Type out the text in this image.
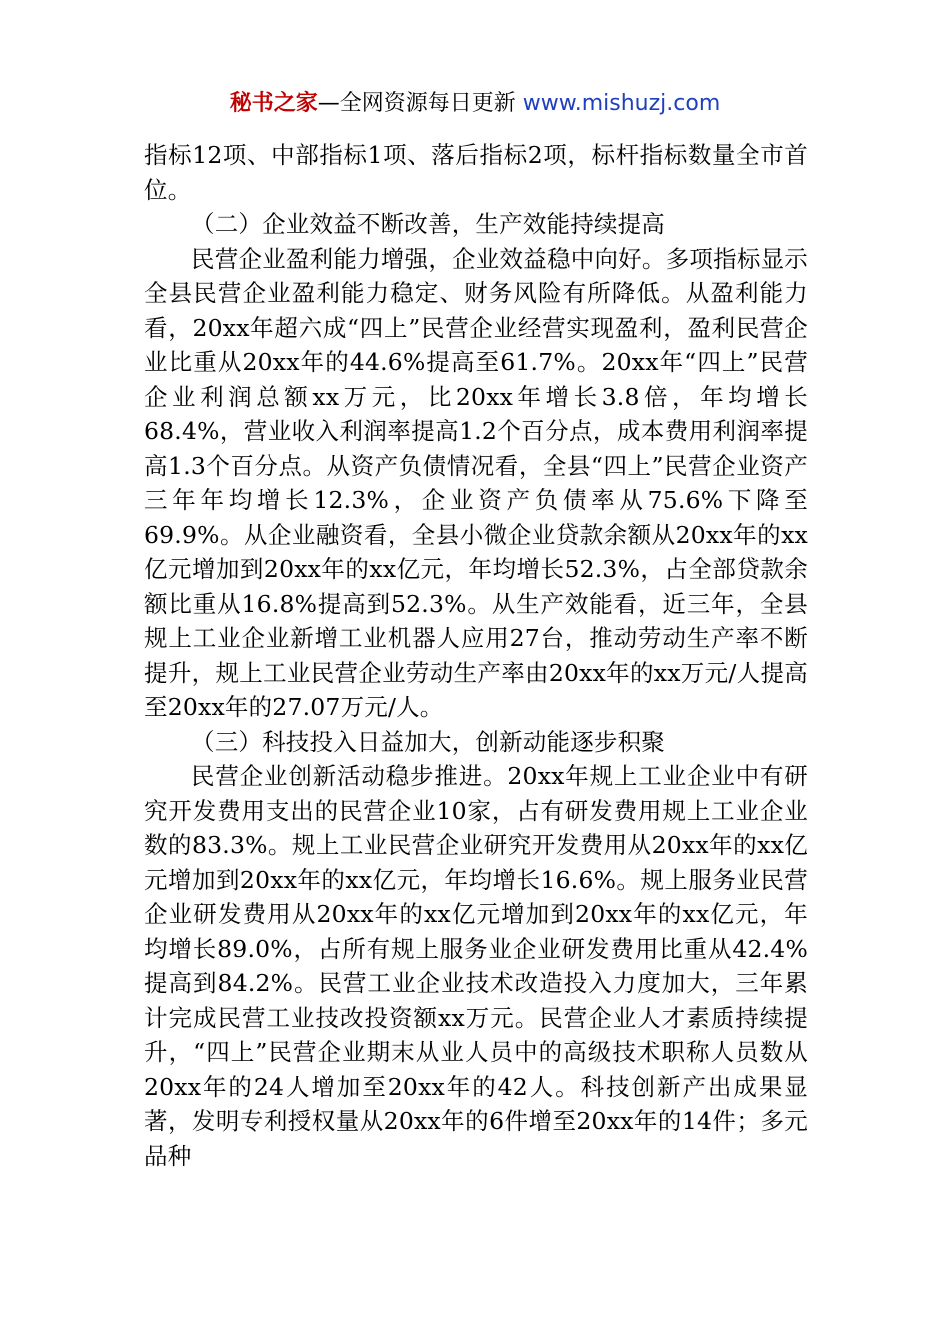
秘书之家—全网资源每日更新 www.mishuzj.com

指标12项、中部指标1项、落后指标2项，标杆指标数量全市首位。

（二）企业效益不断改善，生产效能持续提高

民营企业盈利能力增强，企业效益稳中向好。多项指标显示全县民营企业盈利能力稳定、财务风险有所降低。从盈利能力看，20xx年超六成“四上”民营企业经营实现盈利，盈利民营企业比重从20xx年的44.6%提高至61.7%。20xx年“四上”民营企业利润总额xx万元，比20xx年增长3.8倍，年均增长68.4%，营业收入利润率提高1.2个百分点，成本费用利润率提高1.3个百分点。从资产负债情况看，全县“四上”民营企业资产三年年均增长12.3%，企业资产负债率从75.6%下降至69.9%。从企业融资看，全县小微企业贷款余额从20xx年的xx亿元增加到20xx年的xx亿元，年均增长52.3%，占全部贷款余额比重从16.8%提高到52.3%。从生产效能看，近三年，全县规上工业企业新增工业机器人应用27台，推动劳动生产率不断提升，规上工业民营企业劳动生产率由20xx年的xx万元/人提高至20xx年的27.07万元/人。

（三）科技投入日益加大，创新动能逐步积聚

民营企业创新活动稳步推进。20xx年规上工业企业中有研究开发费用支出的民营企业10家，占有研发费用规上工业企业数的83.3%。规上工业民营企业研究开发费用从20xx年的xx亿元增加到20xx年的xx亿元，年均增长16.6%。规上服务业民营企业研发费用从20xx年的xx亿元增加到20xx年的xx亿元，年均增长89.0%，占所有规上服务业企业研发费用比重从42.4%提高到84.2%。民营工业企业技术改造投入力度加大，三年累计完成民营工业技改投资额xx万元。民营企业人才素质持续提升，“四上”民营企业期末从业人员中的高级技术职称人员数从20xx年的24人增加至20xx年的42人。科技创新产出成果显著，发明专利授权量从20xx年的6件增至20xx年的14件；多元品种
